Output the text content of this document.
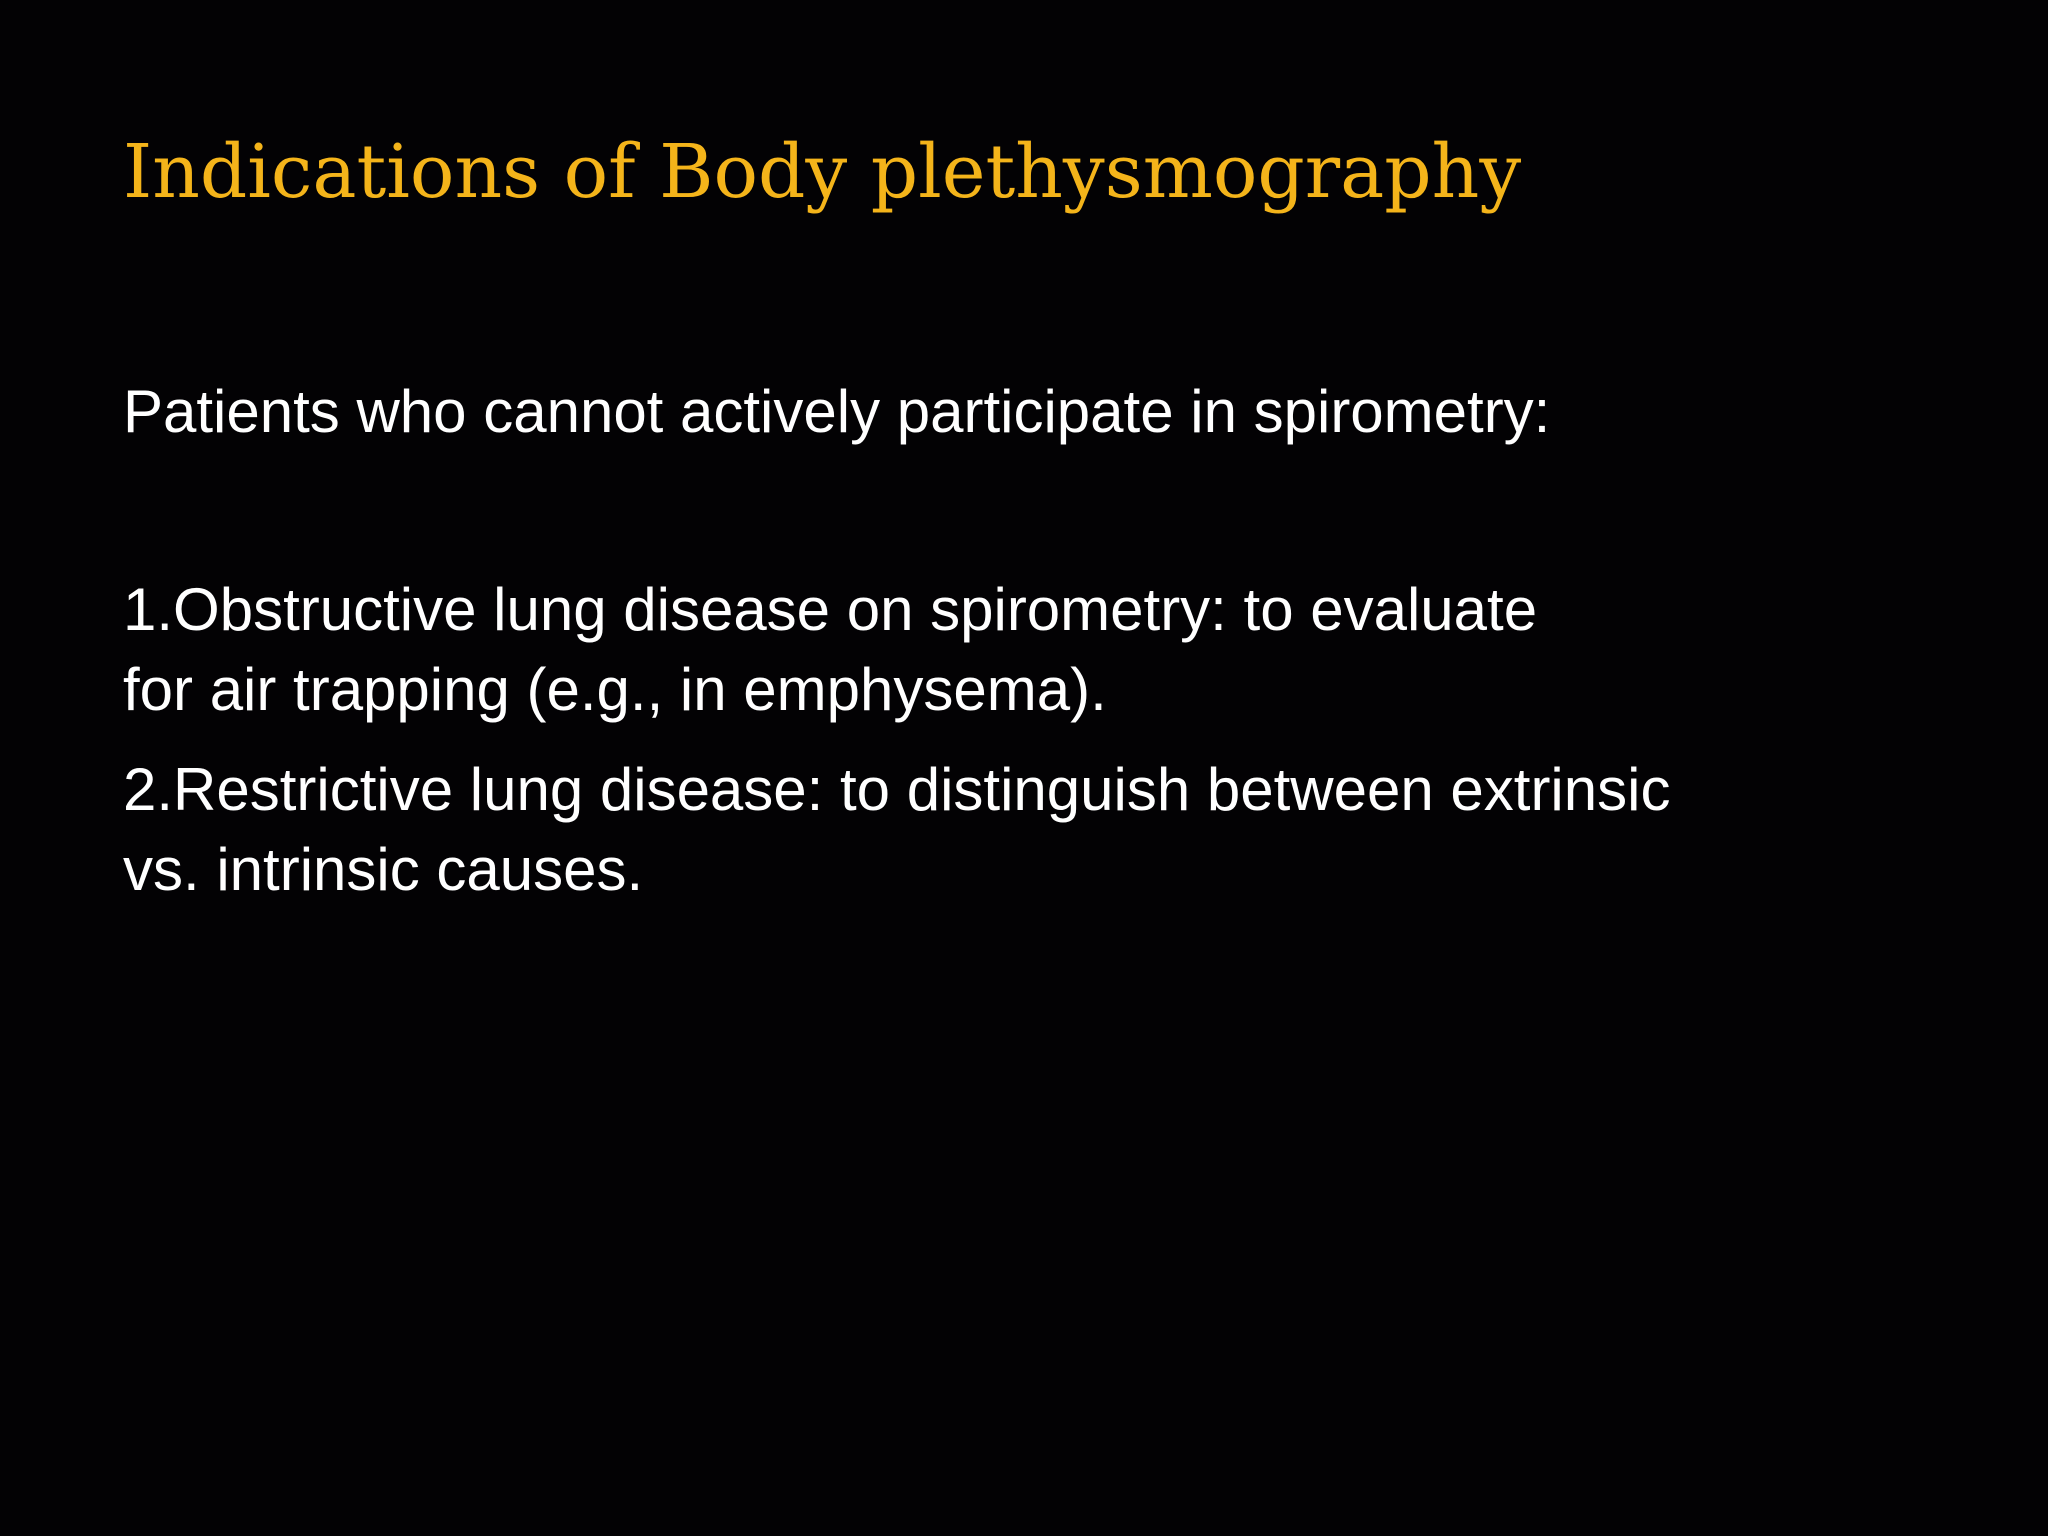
Indications of Body plethysmography

Patients who cannot actively participate in spirometry:

1.Obstructive lung disease on spirometry: to evaluate
for air trapping (e.g., in emphysema).
2.Restrictive lung disease: to distinguish between extrinsic
vs. intrinsic causes.
